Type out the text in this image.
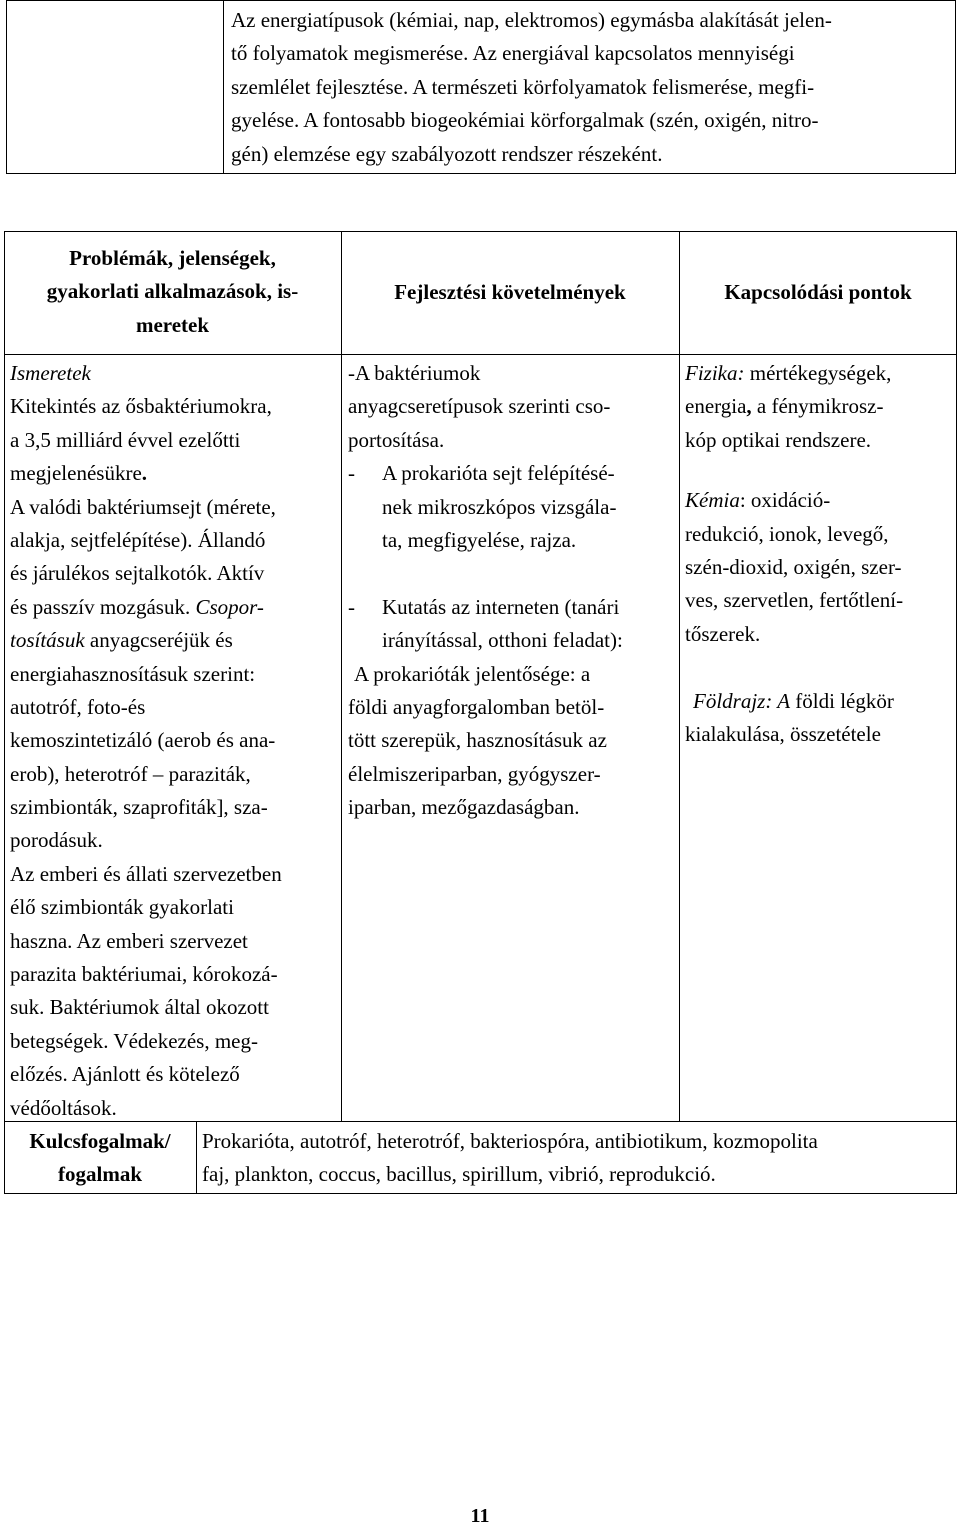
Az energiatípusok (kémiai, nap, elektromos) egymásba alakítását jelen-
tő folyamatok megismerése. Az energiával kapcsolatos mennyiségi
szemlélet fejlesztése. A természeti körfolyamatok felismerése, megfi-
gyelése. A fontosabb biogeokémiai körforgalmak (szén, oxigén, nitro-
gén) elemzése egy szabályozott rendszer részeként.
Problémák, jelenségek,
gyakorlati alkalmazások, is-
meretek
Fejlesztési követelmények	Kapcsolódási pontok
Ismeretek
Kitekintés az ősbaktériumokra,
a 3,5 milliárd évvel ezelőtti
megjelenésükre.
A valódi baktériumsejt (mérete,
alakja, sejtfelépítése). Állandó
és járulékos sejtalkotók. Aktív
és passzív mozgásuk. Csopor-
tosításuk anyagcseréjük és
energiahasznosításuk szerint:
autotróf, foto-és
kemoszintetizáló (aerob és ana-
erob), heterotróf – paraziták,
szimbionták, szaprofiták], sza-
porodásuk.
Az emberi és állati szervezetben
élő szimbionták gyakorlati
haszna. Az emberi szervezet
parazita baktériumai, kórokozá-
suk. Baktériumok által okozott
betegségek. Védekezés, meg-
előzés. Ajánlott és kötelező
védőoltások.
-A baktériumok
anyagcseretípusok szerinti cso-
portosítása.
- A prokarióta sejt felépítésé-
nek mikroszkópos vizsgála-
ta, megfigyelése, rajza.
- Kutatás az interneten (tanári
irányítással, otthoni feladat):
A prokarióták jelentősége: a
földi anyagforgalomban betöl-
tött szerepük, hasznosításuk az
élelmiszeriparban, gyógyszer-
iparban, mezőgazdaságban.
Fizika: mértékegységek,
energia, a fénymikrosz-
kóp optikai rendszere.
Kémia: oxidáció-
redukció, ionok, levegő,
szén-dioxid, oxigén, szer-
ves, szervetlen, fertőtlení-
tőszerek.
Földrajz: A földi légkör
kialakulása, összetétele
Kulcsfogalmak/
fogalmak
Prokarióta, autotróf, heterotróf, bakteriospóra, antibiotikum, kozmopolita
faj, plankton, coccus, bacillus, spirillum, vibrió, reprodukció.
11
